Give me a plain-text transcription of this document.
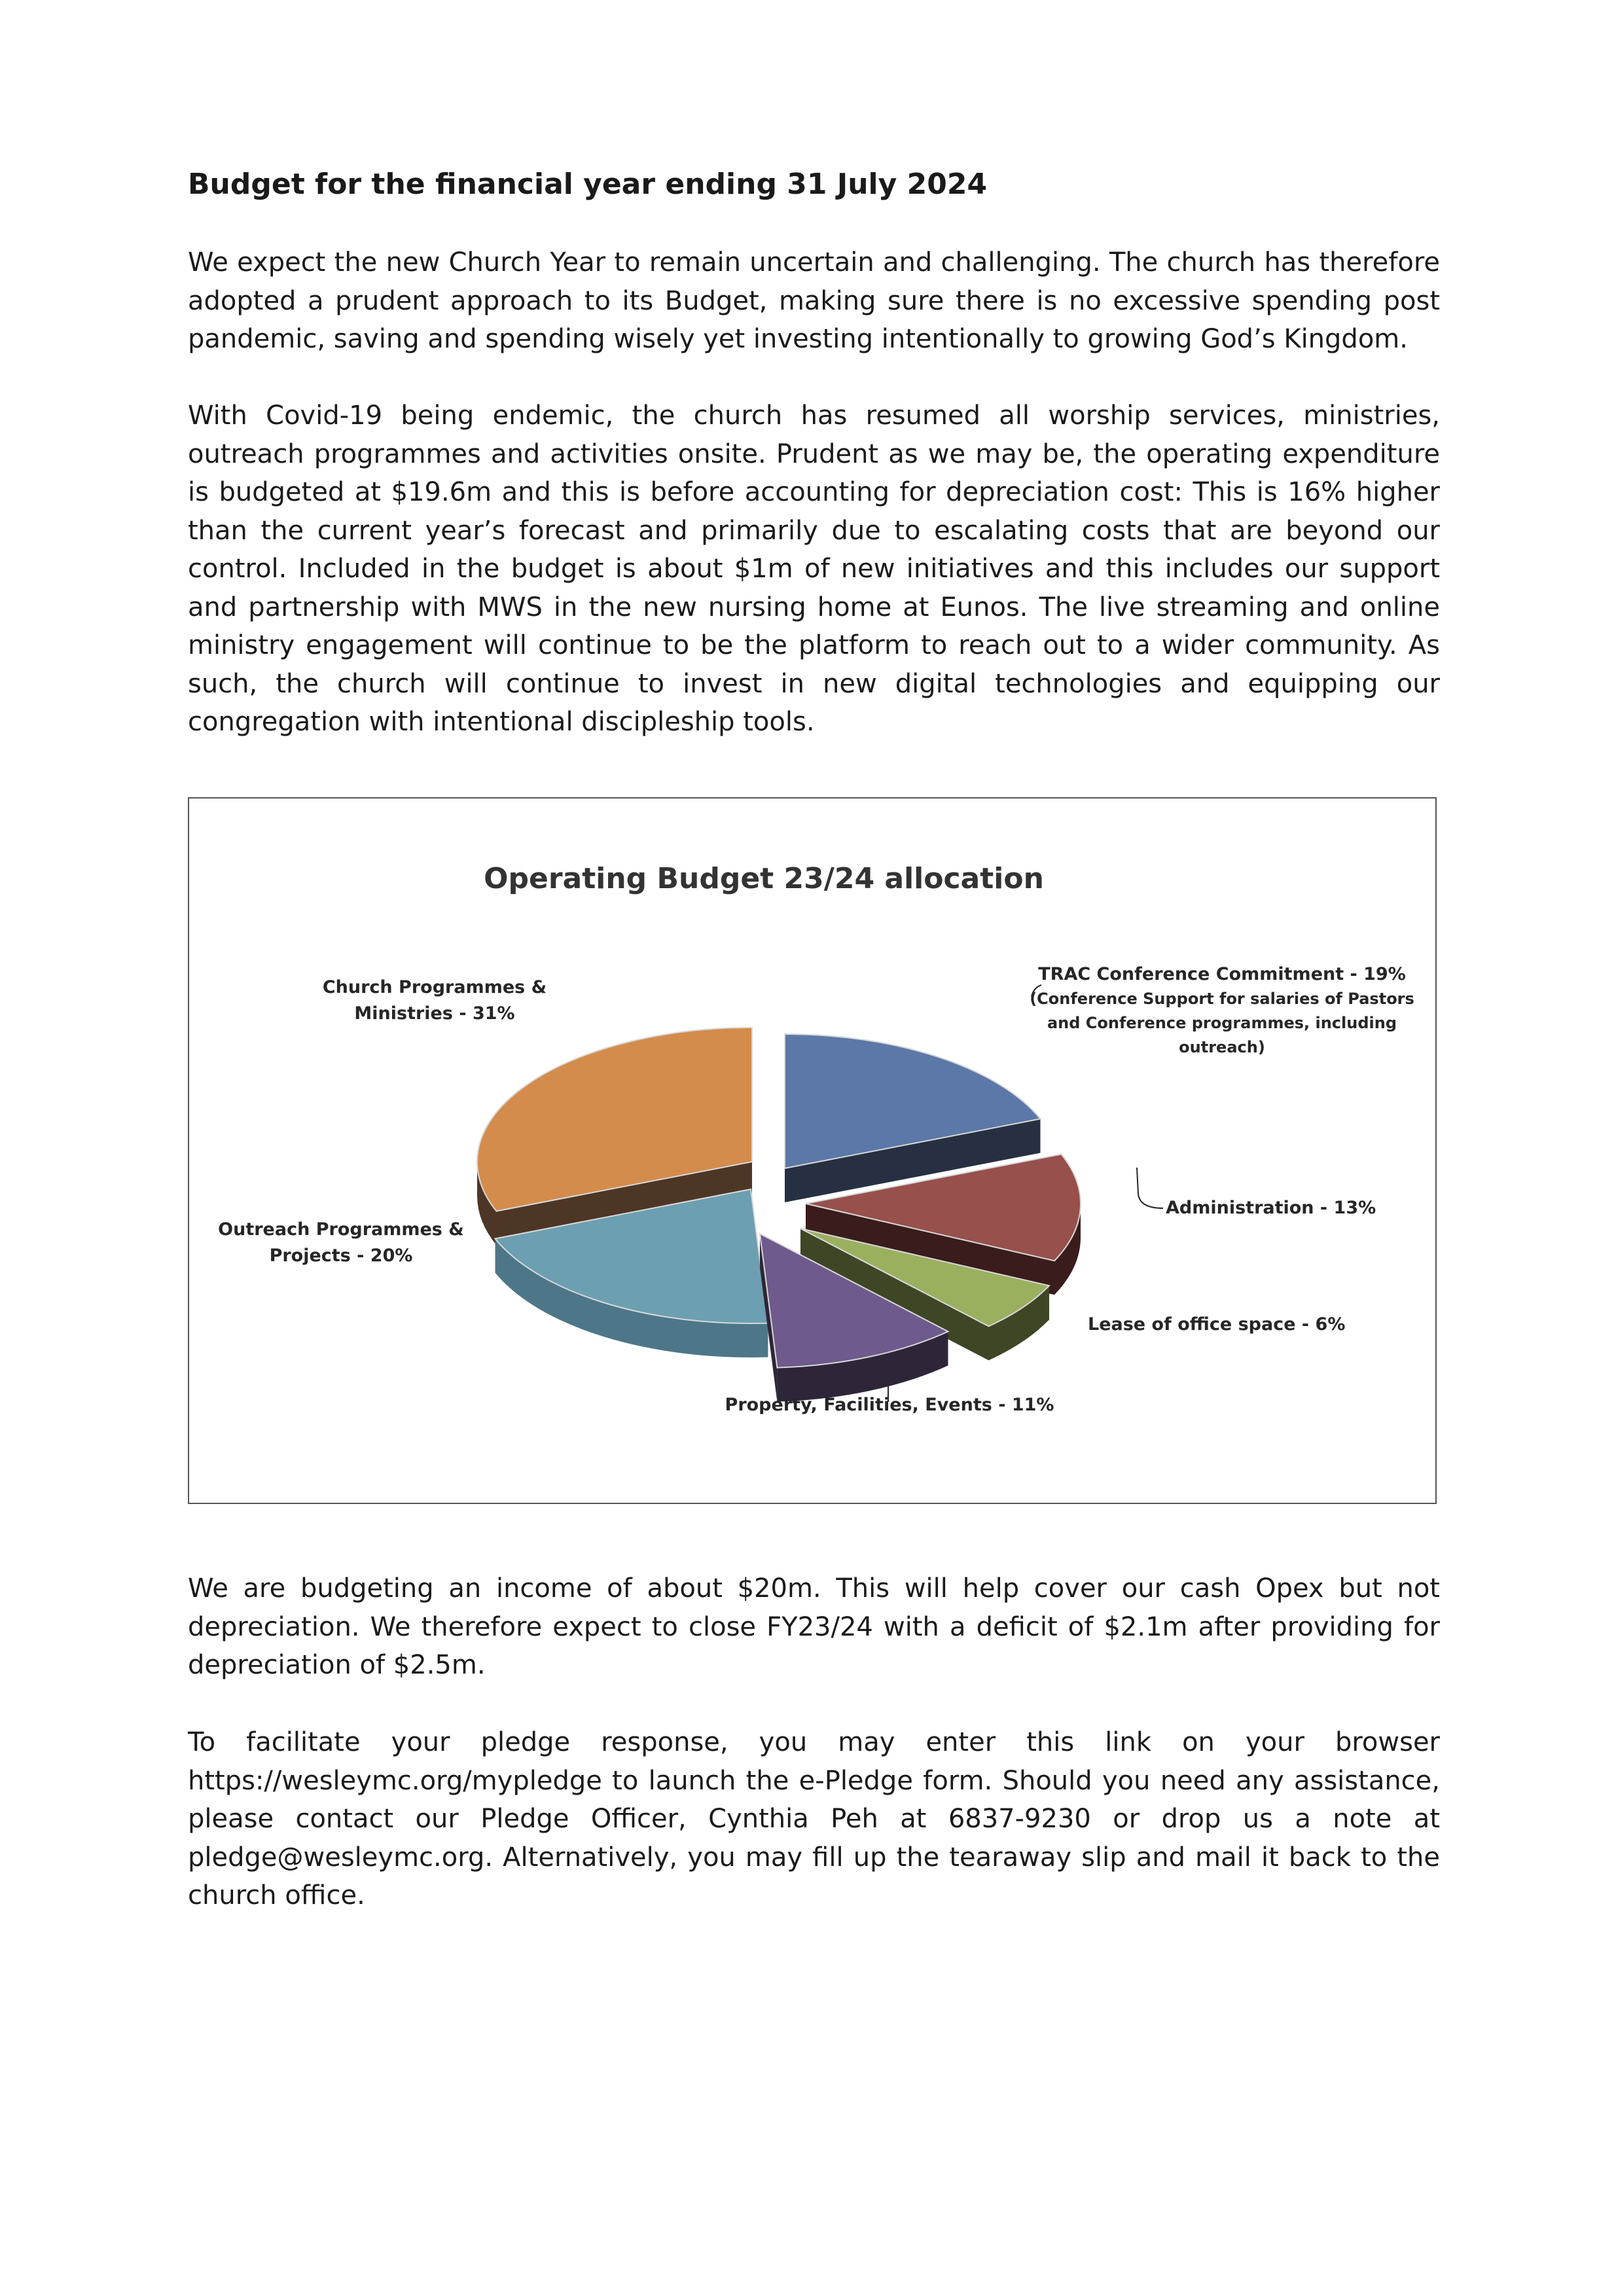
Budget for the financial year ending 31 July 2024

We expect the new Church Year to remain uncertain and challenging. The church has therefore adopted a prudent approach to its Budget, making sure there is no excessive spending post pandemic, saving and spending wisely yet investing intentionally to growing God’s Kingdom.

With Covid-19 being endemic, the church has resumed all worship services, ministries, outreach programmes and activities onsite. Prudent as we may be, the operating expenditure is budgeted at $19.6m and this is before accounting for depreciation cost: This is 16% higher than the current year’s forecast and primarily due to escalating costs that are beyond our control. Included in the budget is about $1m of new initiatives and this includes our support and partnership with MWS in the new nursing home at Eunos. The live streaming and online ministry engagement will continue to be the platform to reach out to a wider community. As such, the church will continue to invest in new digital technologies and equipping our congregation with intentional discipleship tools.

Operating Budget 23/24 allocation
TRAC Conference Commitment - 19% (Conference Support for salaries of Pastors and Conference programmes, including outreach)
Administration - 13%
Lease of office space - 6%
Property, Facilities, Events - 11%
Outreach Programmes & Projects - 20%
Church Programmes & Ministries - 31%

We are budgeting an income of about $20m. This will help cover our cash Opex but not depreciation. We therefore expect to close FY23/24 with a deficit of $2.1m after providing for depreciation of $2.5m.

To facilitate your pledge response, you may enter this link on your browser https://wesleymc.org/mypledge to launch the e-Pledge form. Should you need any assistance, please contact our Pledge Officer, Cynthia Peh at 6837-9230 or drop us a note at pledge@wesleymc.org. Alternatively, you may fill up the tearaway slip and mail it back to the church office.
